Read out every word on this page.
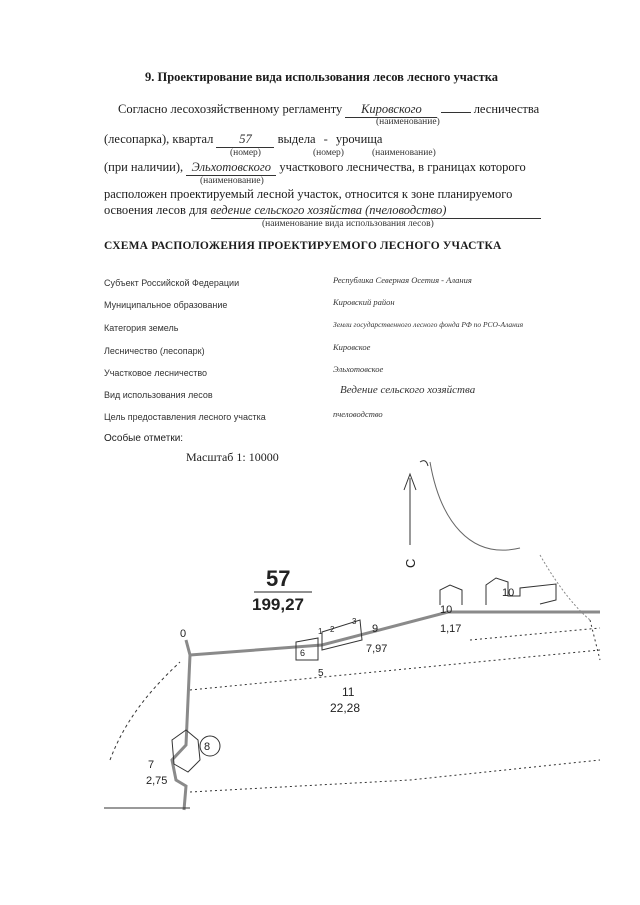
9. Проектирование вида использования лесов лесного участка
Согласно лесохозяйственному регламенту Кировского	лесничества
(наименование)
(лесопарка), квартал 57 выдела - урочища
(номер)	(номер)	(наименование)
(при наличии), Эльхотовского участкового лесничества, в границах которого
(наименование)
расположен проектируемый лесной участок, относится к зоне планируемого
освоения лесов для ведение сельского хозяйства (пчеловодство)
(наименование вида использования лесов)
СХЕМА РАСПОЛОЖЕНИЯ ПРОЕКТИРУЕМОГО ЛЕСНОГО УЧАСТКА
Субъект Российской Федерации	Республика Северная Осетия - Алания
Муниципальное образование	Кировский район
Категория земель	Земли государственного лесного фонда РФ по РСО-Алания
Лесничество (лесопарк)	Кировское
Участковое лесничество	Эльхотовское
Вид использования лесов	Ведение сельского хозяйства
Цель предоставления лесного участка	пчеловодство
Особые отметки:
Масштаб 1: 10000
С
57
199,27
9
7,97
10
1,17
11
22,28
7
2,75
10
6
5
8
1 2
3
0
